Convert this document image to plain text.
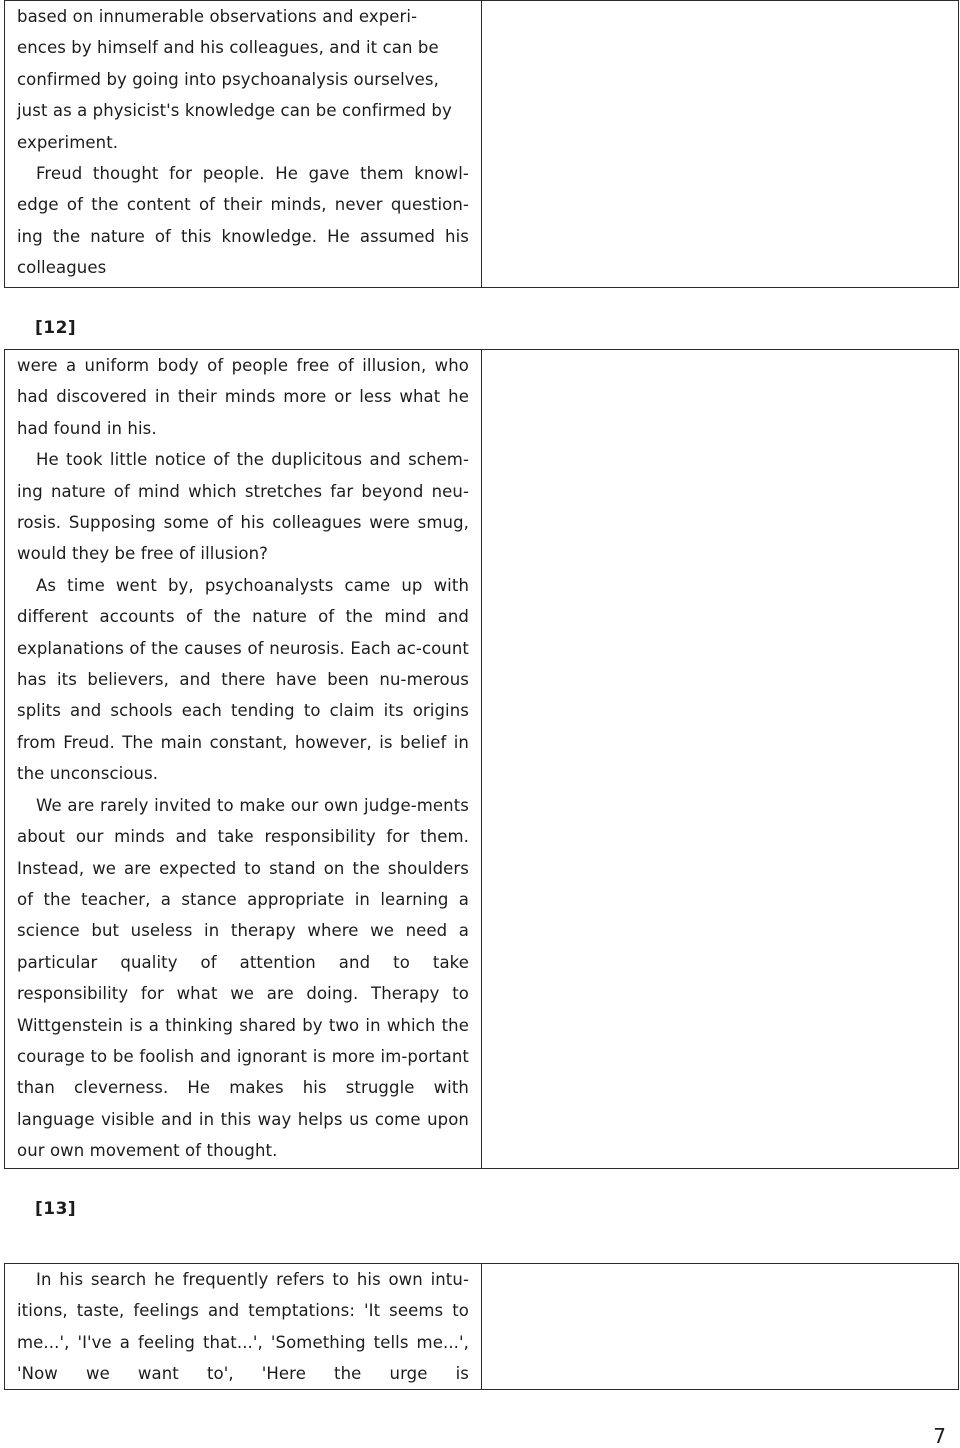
based on innumerable observations and experi-
ences by himself and his colleagues, and it can be
confirmed by going into psychoanalysis ourselves,
just as a physicist's knowledge can be confirmed by
experiment.

Freud thought for people. He gave them knowl-edge of the content of their minds, never question-ing the nature of this knowledge. He assumed his colleagues

[12]

were a uniform body of people free of illusion, who had discovered in their minds more or less what he had found in his.

He took little notice of the duplicitous and schem-ing nature of mind which stretches far beyond neu-rosis. Supposing some of his colleagues were smug, would they be free of illusion?

As time went by, psychoanalysts came up with different accounts of the nature of the mind and explanations of the causes of neurosis. Each ac-count has its believers, and there have been nu-merous splits and schools each tending to claim its origins from Freud. The main constant, however, is belief in the unconscious.

We are rarely invited to make our own judge-ments about our minds and take responsibility for them. Instead, we are expected to stand on the shoulders of the teacher, a stance appropriate in learning a science but useless in therapy where we need a particular quality of attention and to take responsibility for what we are doing. Therapy to Wittgenstein is a thinking shared by two in which the courage to be foolish and ignorant is more im-portant than cleverness. He makes his struggle with language visible and in this way helps us come upon our own movement of thought.

[13]

In his search he frequently refers to his own intu-itions, taste, feelings and temptations: 'It seems to me...', 'I've a feeling that...', 'Something tells me...', 'Now we want to', 'Here the urge is

7
